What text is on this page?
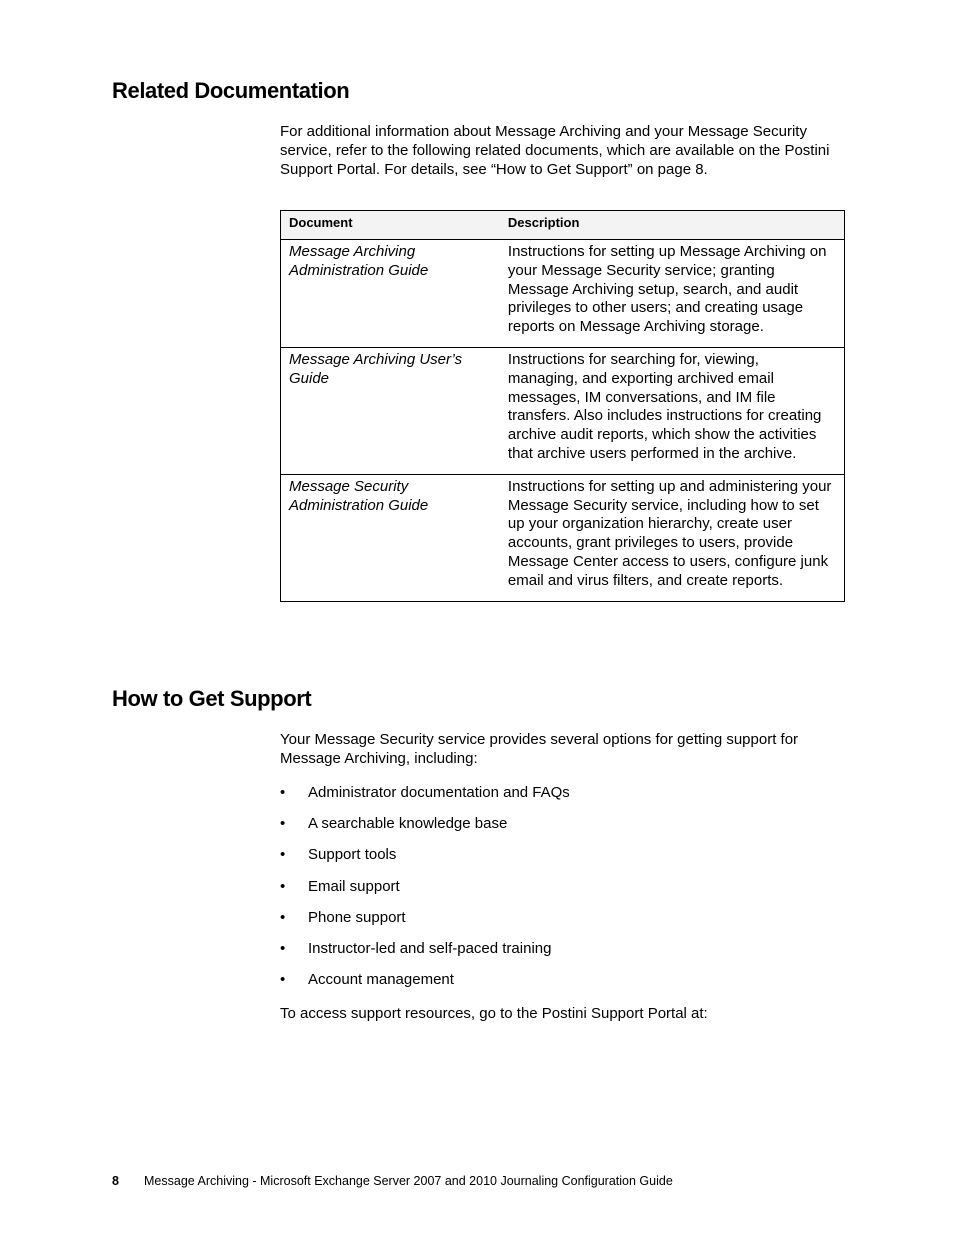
Related Documentation

For additional information about Message Archiving and your Message Security service, refer to the following related documents, which are available on the Postini Support Portal. For details, see “How to Get Support” on page 8.

Document	Description
Message Archiving Administration Guide	Instructions for setting up Message Archiving on your Message Security service; granting Message Archiving setup, search, and audit privileges to other users; and creating usage reports on Message Archiving storage.
Message Archiving User’s Guide	Instructions for searching for, viewing, managing, and exporting archived email messages, IM conversations, and IM file transfers. Also includes instructions for creating archive audit reports, which show the activities that archive users performed in the archive.
Message Security Administration Guide	Instructions for setting up and administering your Message Security service, including how to set up your organization hierarchy, create user accounts, grant privileges to users, provide Message Center access to users, configure junk email and virus filters, and create reports.
How to Get Support

Your Message Security service provides several options for getting support for Message Archiving, including:

• Administrator documentation and FAQs
• A searchable knowledge base
• Support tools
• Email support
• Phone support
• Instructor-led and self-paced training
• Account management

To access support resources, go to the Postini Support Portal at:

8 Message Archiving - Microsoft Exchange Server 2007 and 2010 Journaling Configuration Guide
